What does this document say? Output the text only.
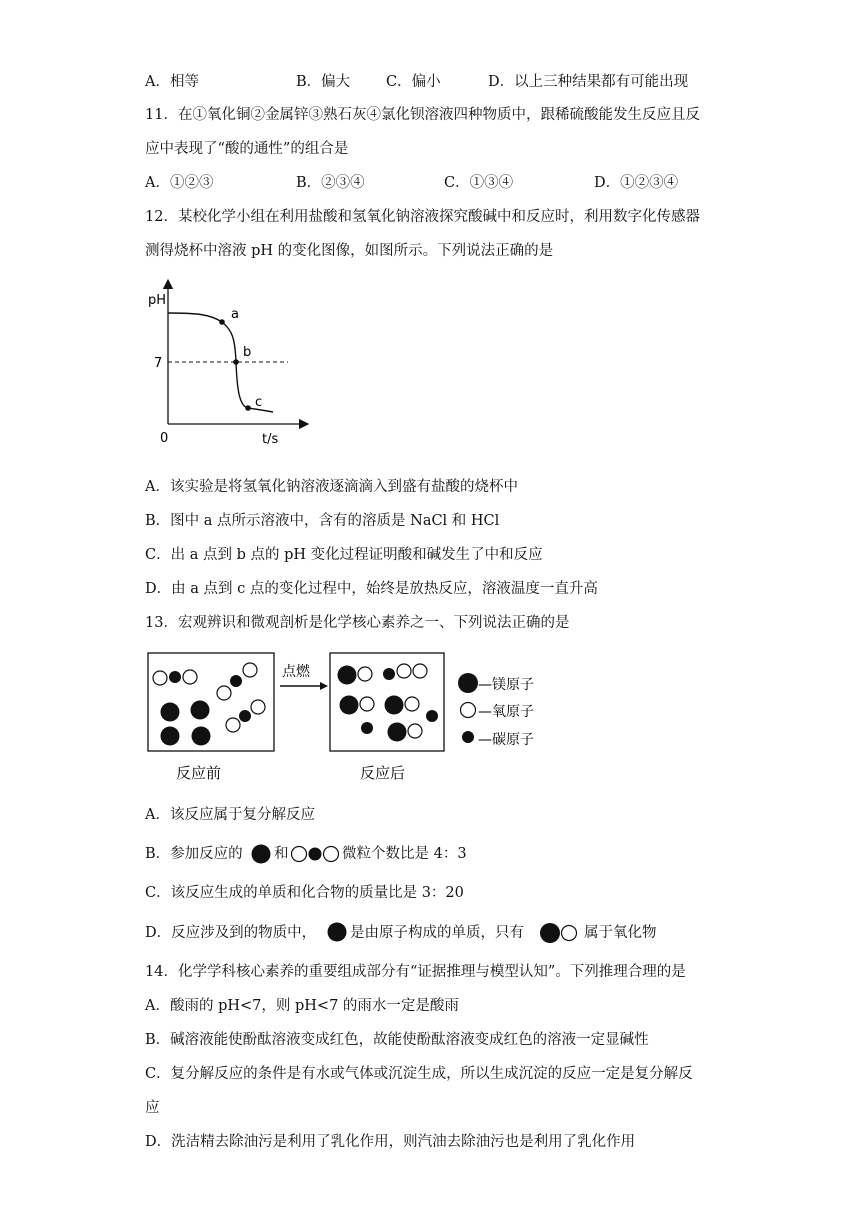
A．相等	B．偏大 C．偏小	D．以上三种结果都有可能出现
11．在①氧化铜②金属锌③熟石灰④氯化钡溶液四种物质中，跟稀硫酸能发生反应且反
应中表现了“酸的通性”的组合是
A．①②③	B．②③④	C．①③④	D．①②③④
12．某校化学小组在利用盐酸和氢氧化钠溶液探究酸碱中和反应时，利用数字化传感器
测得烧杯中溶液 pH 的变化图像，如图所示。下列说法正确的是
pH
7
0	t/s
a
b
c
A．该实验是将氢氧化钠溶液逐滴滴入到盛有盐酸的烧杯中
B．图中 a 点所示溶液中，含有的溶质是 NaCl 和 HCl
C．出 a 点到 b 点的 pH 变化过程证明酸和碱发生了中和反应
D．由 a 点到 c 点的变化过程中，始终是放热反应，溶液温度一直升高
13．宏观辨识和微观剖析是化学核心素养之一、下列说法正确的是
点燃
反应前	反应后
—镁原子
—氧原子
—碳原子
A．该反应属于复分解反应
B．参加反应的 和	微粒个数比是 4：3
C．该反应生成的单质和化合物的质量比是 3：20
D．反应涉及到的物质中， 是由原子构成的单质，只有	属于氧化物
14．化学学科核心素养的重要组成部分有“证据推理与模型认知”。下列推理合理的是
A．酸雨的 pH<7，则 pH<7 的雨水一定是酸雨
B．碱溶液能使酚酞溶液变成红色，故能使酚酞溶液变成红色的溶液一定显碱性
C．复分解反应的条件是有水或气体或沉淀生成，所以生成沉淀的反应一定是复分解反
应
D．洗洁精去除油污是利用了乳化作用，则汽油去除油污也是利用了乳化作用
